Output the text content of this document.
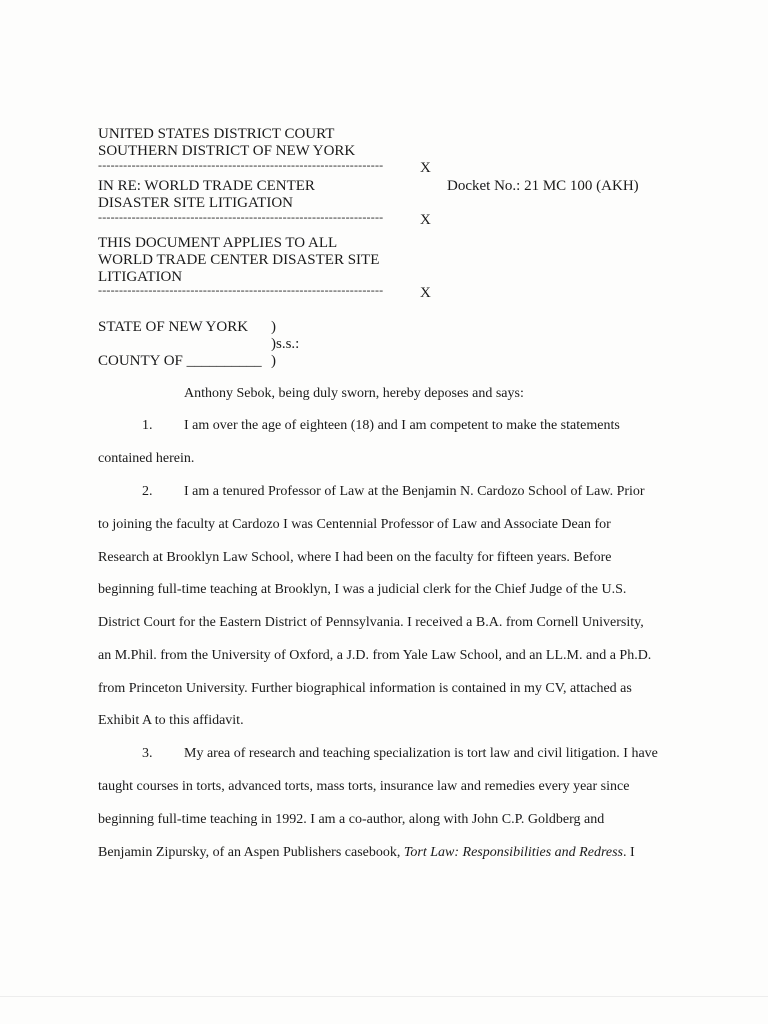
UNITED STATES DISTRICT COURT
SOUTHERN DISTRICT OF NEW YORK
--------------------------------------------------------------------	X
IN RE: WORLD TRADE CENTER
DISASTER SITE LITIGATION
Docket No.: 21 MC 100 (AKH)
--------------------------------------------------------------------	X
THIS DOCUMENT APPLIES TO ALL
WORLD TRADE CENTER DISASTER SITE
LITIGATION
--------------------------------------------------------------------	X
STATE OF NEW YORK )
)s.s.:
COUNTY OF __________ )
Anthony Sebok, being duly sworn, hereby deposes and says:
1. I am over the age of eighteen (18) and I am competent to make the statements
contained herein.
2. I am a tenured Professor of Law at the Benjamin N. Cardozo School of Law. Prior
to joining the faculty at Cardozo I was Centennial Professor of Law and Associate Dean for
Research at Brooklyn Law School, where I had been on the faculty for fifteen years. Before
beginning full-time teaching at Brooklyn, I was a judicial clerk for the Chief Judge of the U.S.
District Court for the Eastern District of Pennsylvania. I received a B.A. from Cornell University,
an M.Phil. from the University of Oxford, a J.D. from Yale Law School, and an LL.M. and a Ph.D.
from Princeton University. Further biographical information is contained in my CV, attached as
Exhibit A to this affidavit.
3. My area of research and teaching specialization is tort law and civil litigation. I have
taught courses in torts, advanced torts, mass torts, insurance law and remedies every year since
beginning full-time teaching in 1992. I am a co-author, along with John C.P. Goldberg and
Benjamin Zipursky, of an Aspen Publishers casebook, Tort Law: Responsibilities and Redress. I
